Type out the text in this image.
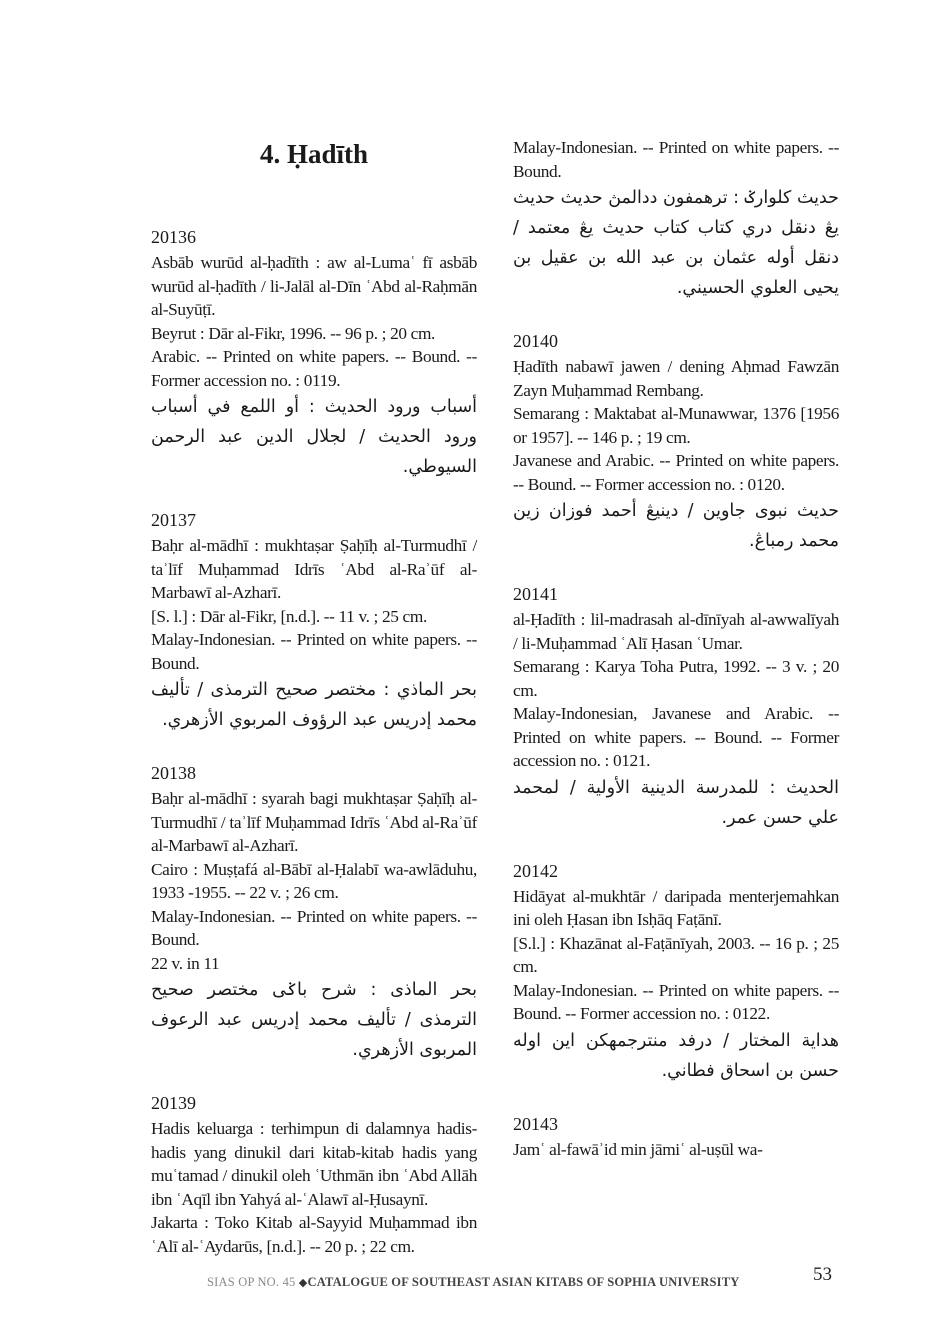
4. Ḥadīth
20136

Asbāb wurūd al-ḥadīth : aw al-Lumaʿ fī asbāb wurūd al-ḥadīth / li-Jalāl al-Dīn ʿAbd al-Raḥmān al-Suyūṭī.

Beyrut : Dār al-Fikr, 1996. -- 96 p. ; 20 cm.

Arabic. -- Printed on white papers. -- Bound. -- Former accession no. : 0119.

أسباب ورود الحديث : أو اللمع في أسباب ورود الحديث / لجلال الدين عبد الرحمن السيوطي.

20137

Baḥr al-mādhī : mukhtaṣar Ṣaḥīḥ al-Turmudhī / taʾlīf Muḥammad Idrīs ʿAbd al-Raʾūf al-Marbawī al-Azharī.

[S. l.] : Dār al-Fikr, [n.d.]. -- 11 v. ; 25 cm.

Malay-Indonesian. -- Printed on white papers. -- Bound.

بحر الماذي : مختصر صحيح الترمذى / تأليف محمد إدريس عبد الرؤوف المربوي الأزهري.

20138

Baḥr al-mādhī : syarah bagi mukhtaṣar Ṣaḥīḥ al-Turmudhī / taʾlīf Muḥammad Idrīs ʿAbd al-Raʾūf al-Marbawī al-Azharī.

Cairo : Muṣṭafá al-Bābī al-Ḥalabī wa-awlāduhu, 1933 -1955. -- 22 v. ; 26 cm.

Malay-Indonesian. -- Printed on white papers. -- Bound.

22 v. in 11

بحر الماذى : شرح باݢى مختصر صحيح الترمذى / تأليف محمد إدريس عبد الرعوف المربوى الأزهري.

20139

Hadis keluarga : terhimpun di dalamnya hadis-hadis yang dinukil dari kitab-kitab hadis yang muʿtamad / dinukil oleh ʿUthmān ibn ʿAbd Allāh ibn ʿAqīl ibn Yahyá al-ʿAlawī al-Ḥusaynī.

Jakarta : Toko Kitab al-Sayyid Muḥammad ibn ʿAlī al-ʿAydarūs, [n.d.]. -- 20 p. ; 22 cm.

Malay-Indonesian. -- Printed on white papers. -- Bound.

حديث كلوارݢ : ترهمفون ددالمڽ حديث حديث يڠ دنقل دري كتاب كتاب حديث يڠ معتمد / دنقل أوله عثمان بن عبد الله بن عقيل بن يحيى العلوي الحسيني.

20140

Ḥadīth nabawī jawen / dening Aḥmad Fawzān Zayn Muḥammad Rembang.

Semarang : Maktabat al-Munawwar, 1376 [1956 or 1957]. -- 146 p. ; 19 cm.

Javanese and Arabic. -- Printed on white papers. -- Bound. -- Former accession no. : 0120.

حديث نبوى جاوين / دينيڠ أحمد فوزان زين محمد رمباڠ.

20141

al-Ḥadīth : lil-madrasah al-dīnīyah al-awwalīyah / li-Muḥammad ʿAlī Ḥasan ʿUmar.

Semarang : Karya Toha Putra, 1992. -- 3 v. ; 20 cm.

Malay-Indonesian, Javanese and Arabic. -- Printed on white papers. -- Bound. -- Former accession no. : 0121.

الحديث : للمدرسة الدينية الأولية / لمحمد علي حسن عمر.

20142

Hidāyat al-mukhtār / daripada menterjemahkan ini oleh Ḥasan ibn Isḥāq Faṭānī.

[S.l.] : Khazānat al-Faṭānīyah, 2003. -- 16 p. ; 25 cm.

Malay-Indonesian. -- Printed on white papers. -- Bound. -- Former accession no. : 0122.

هداية المختار / درفد منترجمهكن اين اوله حسن بن اسحاق فطاني.

20143

Jamʿ al-fawāʾid min jāmiʿ al-uṣūl wa-

SIAS OP NO. 45 ◆CATALOGUE OF SOUTHEAST ASIAN KITABS OF SOPHIA UNIVERSITY	53
